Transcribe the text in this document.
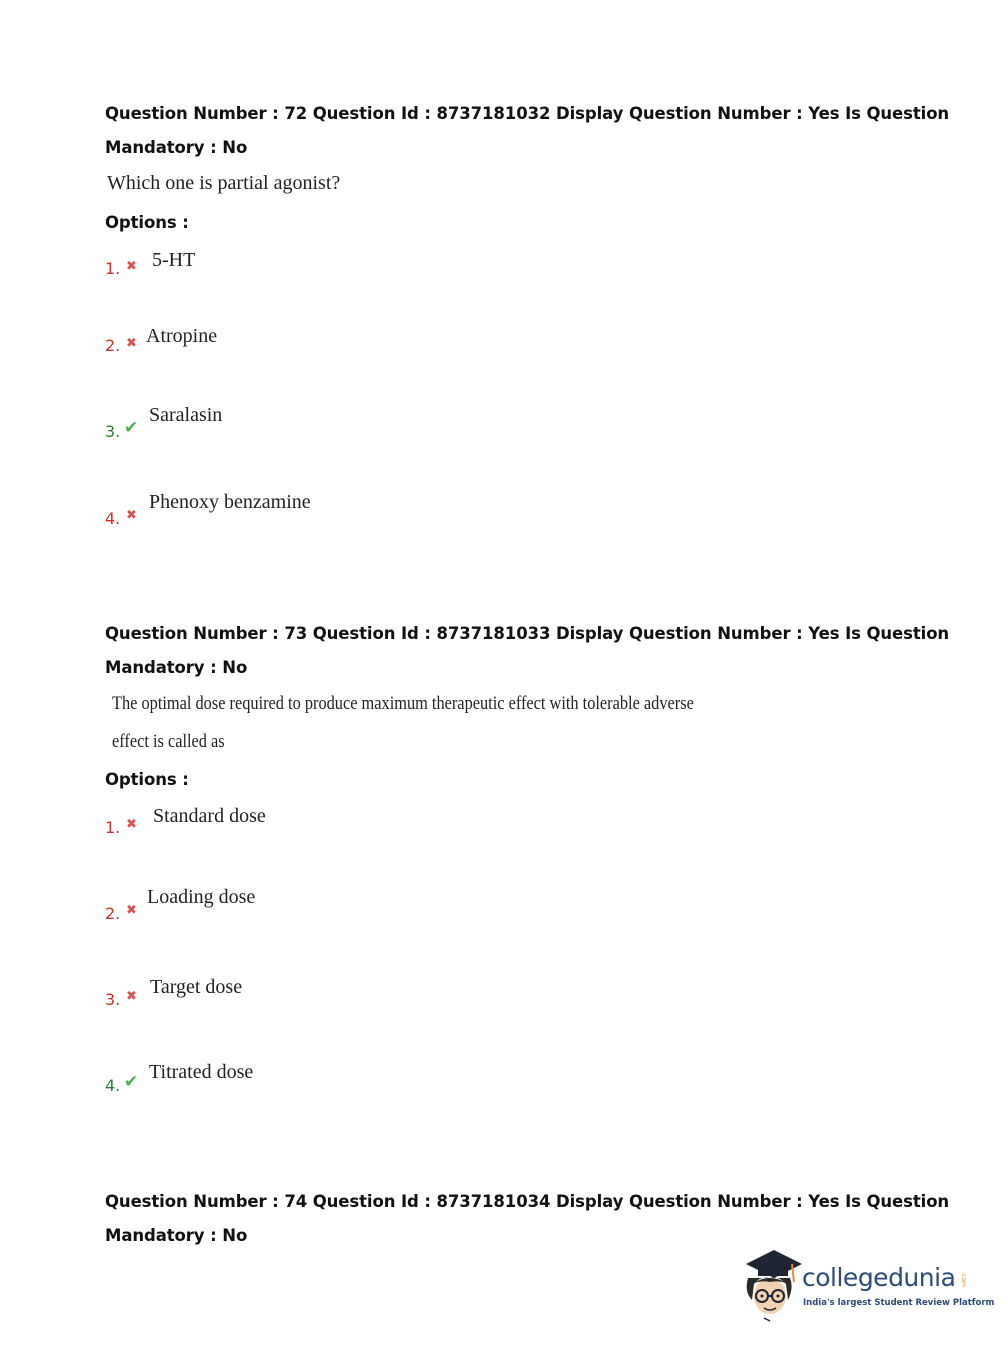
Question Number : 72 Question Id : 8737181032 Display Question Number : Yes Is Question
Mandatory : No
Which one is partial agonist?
Options :
1. ✖ 5-HT
2. ✖ Atropine
3. ✔
Saralasin
4. ✖
Phenoxy benzamine
Question Number : 73 Question Id : 8737181033 Display Question Number : Yes Is Question
Mandatory : No
The optimal dose required to produce maximum therapeutic effect with tolerable adverse
effect is called as
Options :
1. ✖ Standard dose
2. ✖
Loading dose
3. ✖ Target dose
4. ✔ Titrated dose
Question Number : 74 Question Id : 8737181034 Display Question Number : Yes Is Question
Mandatory : No
collegedunia .com
India's largest Student Review Platform
